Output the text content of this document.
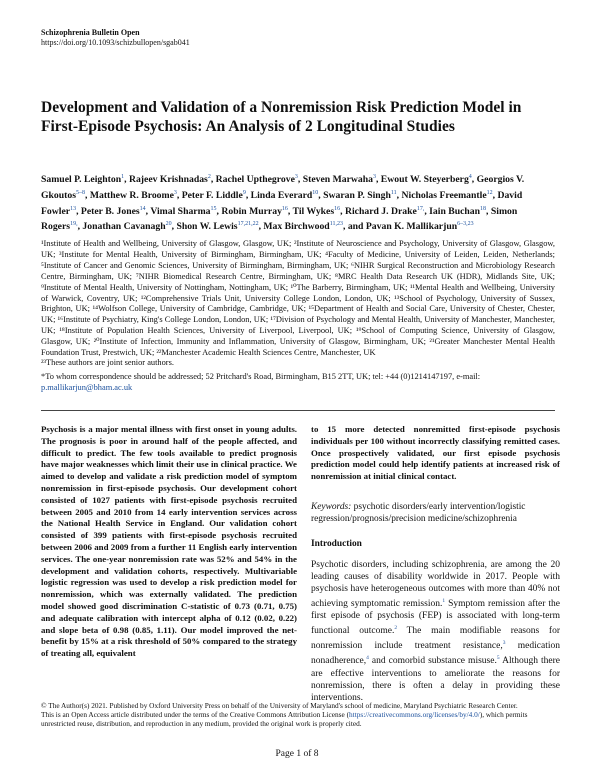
Schizophrenia Bulletin Open
https://doi.org/10.1093/schizbullopen/sgab041
Development and Validation of a Nonremission Risk Prediction Model in First-Episode Psychosis: An Analysis of 2 Longitudinal Studies

Samuel P. Leighton$^1$, Rajeev Krishnadas$^2$, Rachel Upthegrove$^3$, Steven Marwaha$^3$, Ewout W. Steyerberg$^4$, Georgios V. Gkoutos$^{5-8}$, Matthew R. Broome$^3$, Peter F. Liddle$^9$, Linda Everard$^{10}$, Swaran P. Singh$^{11}$, Nicholas Freemantle$^{12}$, David Fowler$^{13}$, Peter B. Jones$^{14}$, Vimal Sharma$^{15}$, Robin Murray$^{16}$, Til Wykes$^{16}$, Richard J. Drake$^{17,}$, Iain Buchan$^{18}$, Simon Rogers$^{19,}$, Jonathan Cavanagh$^{20}$, Shon W. Lewis$^{17,21,22}$, Max Birchwood$^{11,23}$, and Pavan K. Mallikarjun$^{6-3,23}$

¹Institute of Health and Wellbeing, University of Glasgow, Glasgow, UK; ²Institute of Neuroscience and Psychology, University of Glasgow, Glasgow, UK; ³Institute for Mental Health, University of Birmingham, Birmingham, UK; ⁴Faculty of Medicine, University of Leiden, Leiden, Netherlands; ⁵Institute of Cancer and Genomic Sciences, University of Birmingham, Birmingham, UK; ⁶NIHR Surgical Reconstruction and Microbiology Research Centre, Birmingham, UK; ⁷NIHR Biomedical Research Centre, Birmingham, UK; ⁸MRC Health Data Research UK (HDR), Midlands Site, UK; ⁹Institute of Mental Health, University of Nottingham, Nottingham, UK; ¹⁰The Barberry, Birmingham, UK; ¹¹Mental Health and Wellbeing, University of Warwick, Coventry, UK; ¹²Comprehensive Trials Unit, University College London, London, UK; ¹³School of Psychology, University of Sussex, Brighton, UK; ¹⁴Wolfson College, University of Cambridge, Cambridge, UK; ¹⁵Department of Health and Social Care, University of Chester, Chester, UK; ¹⁶Institute of Psychiatry, King's College London, London, UK; ¹⁷Division of Psychology and Mental Health, University of Manchester, Manchester, UK; ¹⁸Institute of Population Health Sciences, University of Liverpool, Liverpool, UK; ¹⁹School of Computing Science, University of Glasgow, Glasgow, UK; ²⁰Institute of Infection, Immunity and Inflammation, University of Glasgow, Birmingham, UK; ²¹Greater Manchester Mental Health Foundation Trust, Prestwich, UK; ²²Manchester Academic Health Sciences Centre, Manchester, UK

²³These authors are joint senior authors.
*To whom correspondence should be addressed; 52 Pritchard's Road, Birmingham, B15 2TT, UK; tel: +44 (0)1214147197, e-mail:
p.mallikarjun@bham.ac.uk

Psychosis is a major mental illness with first onset in young adults. The prognosis is poor in around half of the people affected, and difficult to predict. The few tools available to predict prognosis have major weaknesses which limit their use in clinical practice. We aimed to develop and validate a risk prediction model of symptom nonremission in first-episode psychosis. Our development cohort consisted of 1027 patients with first-episode psychosis recruited between 2005 and 2010 from 14 early intervention services across the National Health Service in England. Our validation cohort consisted of 399 patients with first-episode psychosis recruited between 2006 and 2009 from a further 11 English early intervention services. The one-year nonremission rate was 52% and 54% in the development and validation cohorts, respectively. Multivariable logistic regression was used to develop a risk prediction model for nonremission, which was externally validated. The prediction model showed good discrimination C-statistic of 0.73 (0.71, 0.75) and adequate calibration with intercept alpha of 0.12 (0.02, 0.22) and slope beta of 0.98 (0.85, 1.11). Our model improved the net-benefit by 15% at a risk threshold of 50% compared to the strategy of treating all, equivalent

to 15 more detected nonremitted first-episode psychosis individuals per 100 without incorrectly classifying remitted cases. Once prospectively validated, our first episode psychosis prediction model could help identify patients at increased risk of nonremission at initial clinical contact.

Keywords: psychotic disorders/early intervention/logistic regression/prognosis/precision medicine/schizophrenia

Introduction

Psychotic disorders, including schizophrenia, are among the 20 leading causes of disability worldwide in 2017. People with psychosis have heterogeneous outcomes with more than 40% not achieving symptomatic remission.$^1$ Symptom remission after the first episode of psychosis (FEP) is associated with long-term functional outcome.$^2$ The main modifiable reasons for nonremission include treatment resistance,$^3$ medication nonadherence,$^4$ and comorbid substance misuse.$^5$ Although there are effective interventions to ameliorate the reasons for nonremission, there is often a delay in providing these interventions.

© The Author(s) 2021. Published by Oxford University Press on behalf of the University of Maryland's school of medicine, Maryland Psychiatric Research Center.
This is an Open Access article distributed under the terms of the Creative Commons Attribution License (https://creativecommons.org/licenses/by/4.0/), which permits unrestricted reuse, distribution, and reproduction in any medium, provided the original work is properly cited.

Page 1 of 8
